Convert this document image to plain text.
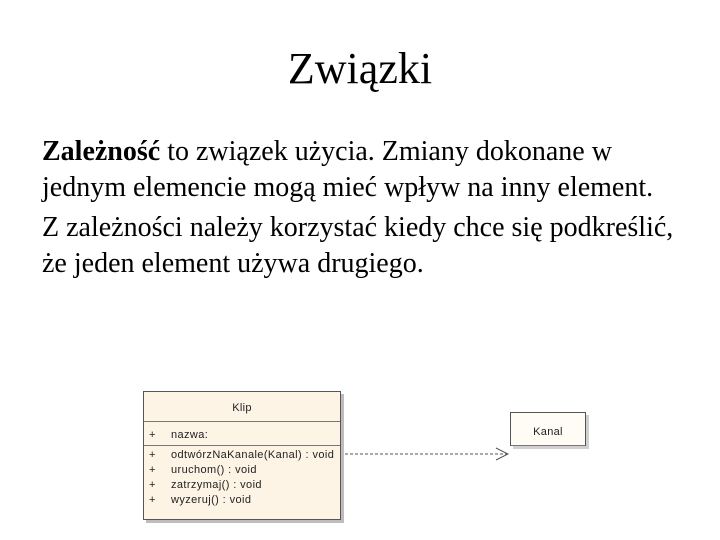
Związki

Zależność to związek użycia. Zmiany dokonane w jednym elemencie mogą mieć wpływ na inny element.

Z zależności należy korzystać kiedy chce się podkreślić, że jeden element używa drugiego.

Klip
+ nazwa:
+ odtwórzNaKanale(Kanal) : void
+ uruchom() : void
+ zatrzymaj() : void
+ wyzeruj() : void
Kanal
